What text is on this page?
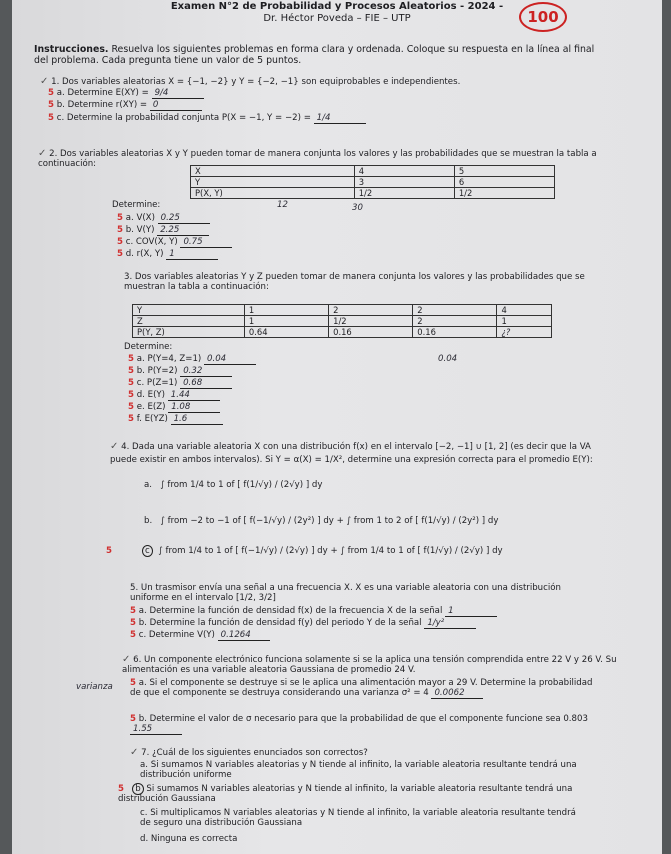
Examen N°2 de Probabilidad y Procesos Aleatorios - 2024 -
Dr. Héctor Poveda – FIE – UTP	100
Instrucciones. Resuelva los siguientes problemas en forma clara y ordenada. Coloque su respuesta en la línea al final del problema. Cada pregunta tiene un valor de 5 puntos.
✓ 1. Dos variables aleatorias X = {−1, −2} y Y = {−2, −1} son equiprobables e independientes.
5 a. Determine E(XY) = 9/4
5 b. Determine r(XY) = 0
5 c. Determine la probabilidad conjunta P(X = −1, Y = −2) = 1/4
✓ 2. Dos variables aleatorias X y Y pueden tomar de manera conjunta los valores y las probabilidades que se muestran la tabla a continuación:
X	4	5
Y	3	6
P(X, Y)	1/2	1/2
Determine:	12	30
5 a. V(X) 0.25
5 b. V(Y) 2.25
5 c. COV(X, Y) 0.75
5 d. r(X, Y) 1
3. Dos variables aleatorias Y y Z pueden tomar de manera conjunta los valores y las probabilidades que se muestran la tabla a continuación:
Y	1	2	2	4
Z	1	1/2	2	1
P(Y, Z)	0.64	0.16	0.16	¿?
Determine:
0.04
5 a. P(Y=4, Z=1) 0.04
5 b. P(Y=2) 0.32
5 c. P(Z=1) 0.68
5 d. E(Y) 1.44
5 e. E(Z) 1.08
5 f. E(YZ) 1.6
✓ 4. Dada una variable aleatoria X con una distribución f(x) en el intervalo [−2, −1] ∪ [1, 2] (es decir que la VA puede existir en ambos intervalos). Si Y = α(X) = 1/X², determine una expresión correcta para el promedio E(Y):
a. ∫ from 1/4 to 1 of [ f(1/√y) / (2√y) ] dy
b. ∫ from −2 to −1 of [ f(−1/√y) / (2y²) ] dy + ∫ from 1 to 2 of [ f(1/√y) / (2y²) ] dy
5	c ∫ from 1/4 to 1 of [ f(−1/√y) / (2√y) ] dy + ∫ from 1/4 to 1 of [ f(1/√y) / (2√y) ] dy
5. Un trasmisor envía una señal a una frecuencia X. X es una variable aleatoria con una distribución uniforme en el intervalo [1/2, 3/2]
5 a. Determine la función de densidad f(x) de la frecuencia X de la señal 1
5 b. Determine la función de densidad f(y) del periodo Y de la señal 1/y²
5 c. Determine V(Y) 0.1264
✓ 6. Un componente electrónico funciona solamente si se la aplica una tensión comprendida entre 22 V y 26 V. Su alimentación es una variable aleatoria Gaussiana de promedio 24 V.
varianza 5 a. Si el componente se destruye si se le aplica una alimentación mayor a 29 V. Determine la probabilidad de que el componente se destruya considerando una varianza σ² = 4 0.0062
5 b. Determine el valor de σ necesario para que la probabilidad de que el componente funcione sea 0.803 1.55
✓ 7. ¿Cuál de los siguientes enunciados son correctos?
a. Si sumamos N variables aleatorias y N tiende al infinito, la variable aleatoria resultante tendrá una distribución uniforme
5 b Si sumamos N variables aleatorias y N tiende al infinito, la variable aleatoria resultante tendrá una distribución Gaussiana
c. Si multiplicamos N variables aleatorias y N tiende al infinito, la variable aleatoria resultante tendrá de seguro una distribución Gaussiana
d. Ninguna es correcta
